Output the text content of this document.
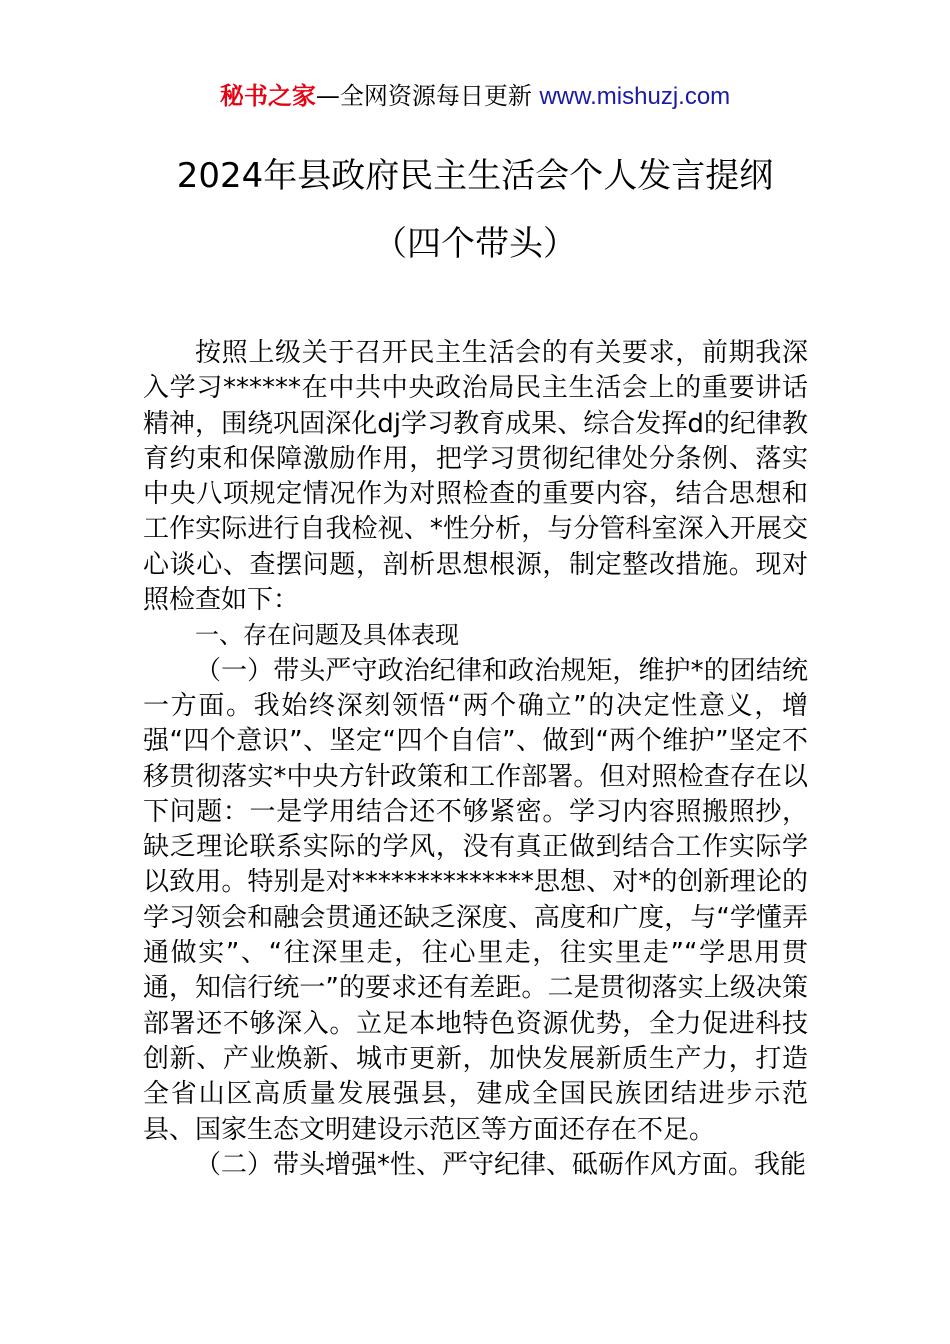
秘书之家—全网资源每日更新 www.mishuzj.com
2024年县政府民主生活会个人发言提纲
（四个带头）

按照上级关于召开民主生活会的有关要求，前期我深入学习******在中共中央政治局民主生活会上的重要讲话精神，围绕巩固深化dj学习教育成果、综合发挥d的纪律教育约束和保障激励作用，把学习贯彻纪律处分条例、落实中央八项规定情况作为对照检查的重要内容，结合思想和工作实际进行自我检视、*性分析，与分管科室深入开展交心谈心、查摆问题，剖析思想根源，制定整改措施。现对照检查如下：

一、存在问题及具体表现

（一）带头严守政治纪律和政治规矩，维护*的团结统一方面。我始终深刻领悟“两个确立”的决定性意义，增强“四个意识”、坚定“四个自信”、做到“两个维护”坚定不移贯彻落实*中央方针政策和工作部署。但对照检查存在以下问题：一是学用结合还不够紧密。学习内容照搬照抄，缺乏理论联系实际的学风，没有真正做到结合工作实际学以致用。特别是对**************思想、对*的创新理论的学习领会和融会贯通还缺乏深度、高度和广度，与“学懂弄通做实”、“往深里走，往心里走，往实里走”“学思用贯通，知信行统一”的要求还有差距。二是贯彻落实上级决策部署还不够深入。立足本地特色资源优势，全力促进科技创新、产业焕新、城市更新，加快发展新质生产力，打造全省山区高质量发展强县，建成全国民族团结进步示范县、国家生态文明建设示范区等方面还存在不足。

（二）带头增强*性、严守纪律、砥砺作风方面。我能
